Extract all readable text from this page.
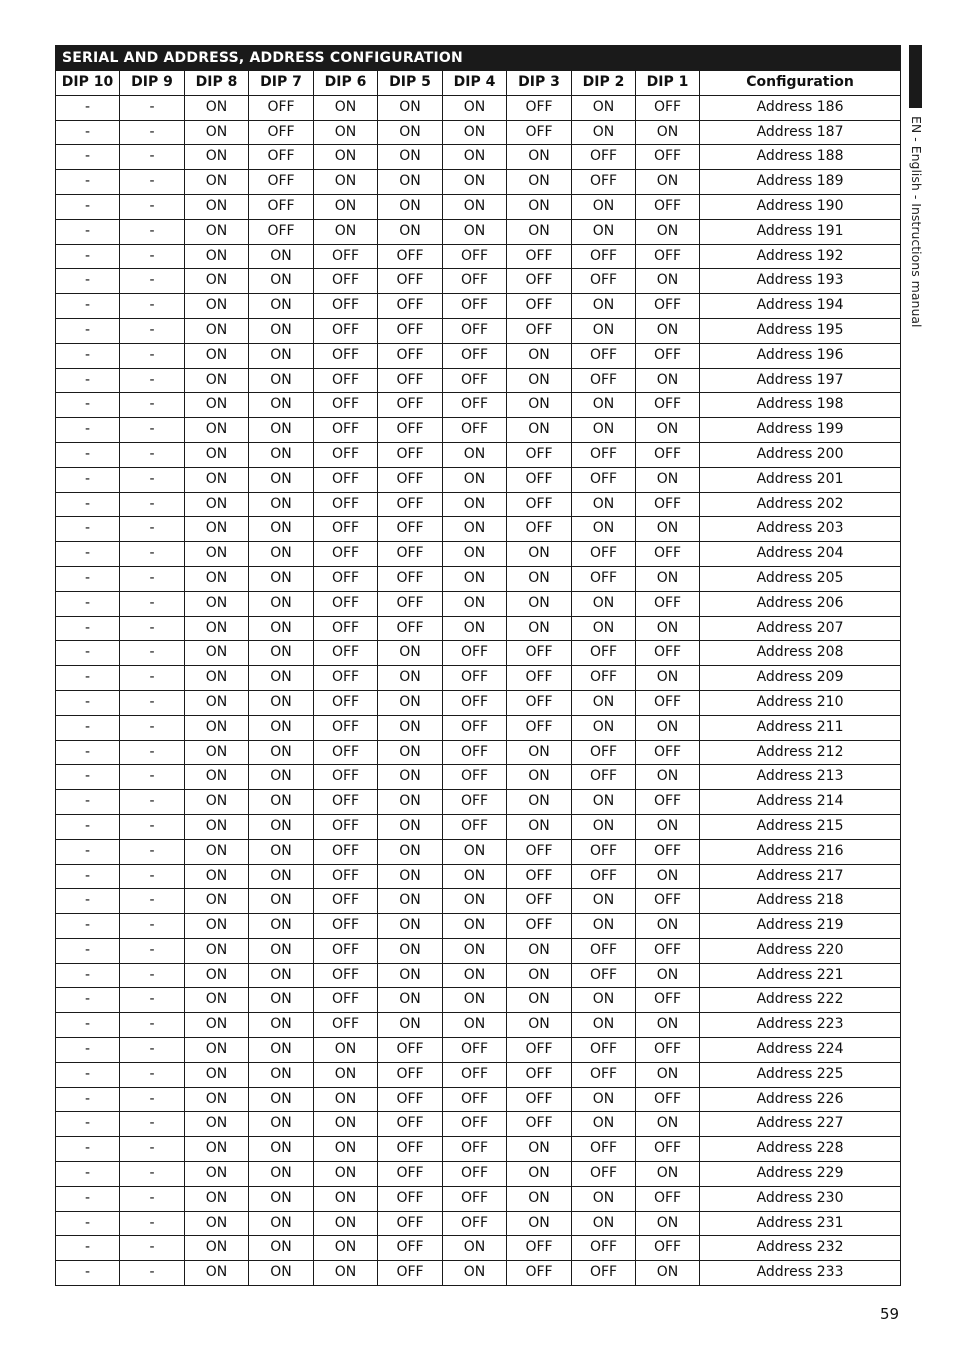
SERIAL AND ADDRESS, ADDRESS CONFIGURATION										
DIP 10	DIP 9	DIP 8	DIP 7	DIP 6	DIP 5	DIP 4	DIP 3	DIP 2	DIP 1	Configuration
-	-	ON	OFF	ON	ON	ON	OFF	ON	OFF	Address 186
-	-	ON	OFF	ON	ON	ON	OFF	ON	ON	Address 187
-	-	ON	OFF	ON	ON	ON	ON	OFF	OFF	Address 188
-	-	ON	OFF	ON	ON	ON	ON	OFF	ON	Address 189
-	-	ON	OFF	ON	ON	ON	ON	ON	OFF	Address 190
-	-	ON	OFF	ON	ON	ON	ON	ON	ON	Address 191
-	-	ON	ON	OFF	OFF	OFF	OFF	OFF	OFF	Address 192
-	-	ON	ON	OFF	OFF	OFF	OFF	OFF	ON	Address 193
-	-	ON	ON	OFF	OFF	OFF	OFF	ON	OFF	Address 194
-	-	ON	ON	OFF	OFF	OFF	OFF	ON	ON	Address 195
-	-	ON	ON	OFF	OFF	OFF	ON	OFF	OFF	Address 196
-	-	ON	ON	OFF	OFF	OFF	ON	OFF	ON	Address 197
-	-	ON	ON	OFF	OFF	OFF	ON	ON	OFF	Address 198
-	-	ON	ON	OFF	OFF	OFF	ON	ON	ON	Address 199
-	-	ON	ON	OFF	OFF	ON	OFF	OFF	OFF	Address 200
-	-	ON	ON	OFF	OFF	ON	OFF	OFF	ON	Address 201
-	-	ON	ON	OFF	OFF	ON	OFF	ON	OFF	Address 202
-	-	ON	ON	OFF	OFF	ON	OFF	ON	ON	Address 203
-	-	ON	ON	OFF	OFF	ON	ON	OFF	OFF	Address 204
-	-	ON	ON	OFF	OFF	ON	ON	OFF	ON	Address 205
-	-	ON	ON	OFF	OFF	ON	ON	ON	OFF	Address 206
-	-	ON	ON	OFF	OFF	ON	ON	ON	ON	Address 207
-	-	ON	ON	OFF	ON	OFF	OFF	OFF	OFF	Address 208
-	-	ON	ON	OFF	ON	OFF	OFF	OFF	ON	Address 209
-	-	ON	ON	OFF	ON	OFF	OFF	ON	OFF	Address 210
-	-	ON	ON	OFF	ON	OFF	OFF	ON	ON	Address 211
-	-	ON	ON	OFF	ON	OFF	ON	OFF	OFF	Address 212
-	-	ON	ON	OFF	ON	OFF	ON	OFF	ON	Address 213
-	-	ON	ON	OFF	ON	OFF	ON	ON	OFF	Address 214
-	-	ON	ON	OFF	ON	OFF	ON	ON	ON	Address 215
-	-	ON	ON	OFF	ON	ON	OFF	OFF	OFF	Address 216
-	-	ON	ON	OFF	ON	ON	OFF	OFF	ON	Address 217
-	-	ON	ON	OFF	ON	ON	OFF	ON	OFF	Address 218
-	-	ON	ON	OFF	ON	ON	OFF	ON	ON	Address 219
-	-	ON	ON	OFF	ON	ON	ON	OFF	OFF	Address 220
-	-	ON	ON	OFF	ON	ON	ON	OFF	ON	Address 221
-	-	ON	ON	OFF	ON	ON	ON	ON	OFF	Address 222
-	-	ON	ON	OFF	ON	ON	ON	ON	ON	Address 223
-	-	ON	ON	ON	OFF	OFF	OFF	OFF	OFF	Address 224
-	-	ON	ON	ON	OFF	OFF	OFF	OFF	ON	Address 225
-	-	ON	ON	ON	OFF	OFF	OFF	ON	OFF	Address 226
-	-	ON	ON	ON	OFF	OFF	OFF	ON	ON	Address 227
-	-	ON	ON	ON	OFF	OFF	ON	OFF	OFF	Address 228
-	-	ON	ON	ON	OFF	OFF	ON	OFF	ON	Address 229
-	-	ON	ON	ON	OFF	OFF	ON	ON	OFF	Address 230
-	-	ON	ON	ON	OFF	OFF	ON	ON	ON	Address 231
-	-	ON	ON	ON	OFF	ON	OFF	OFF	OFF	Address 232
-	-	ON	ON	ON	OFF	ON	OFF	OFF	ON	Address 233
EN - English - Instructions manual
59
